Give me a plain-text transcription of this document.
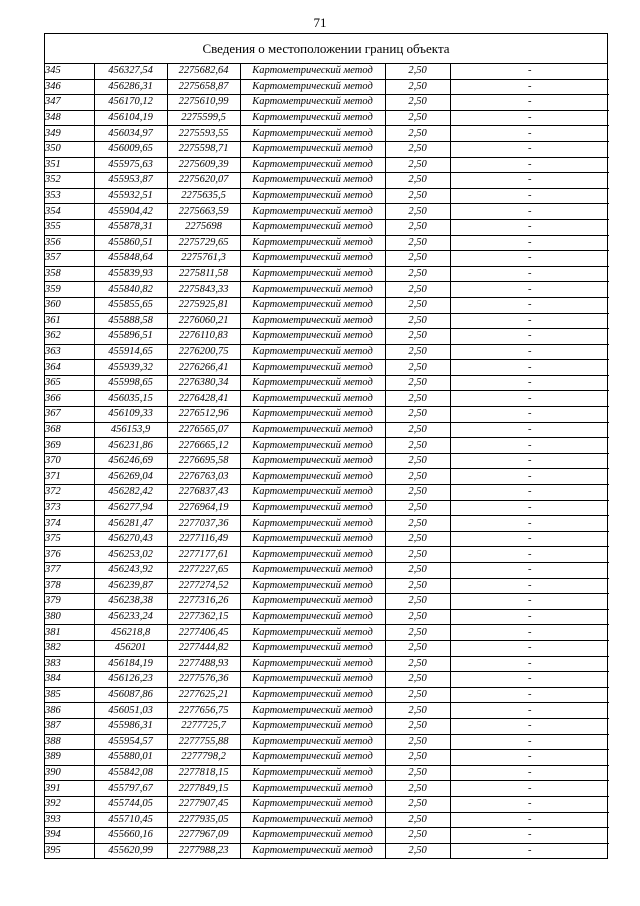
71
Сведения о местоположении границ объекта
345	456327,54	2275682,64	Картометрический метод	2,50	-
346	456286,31	2275658,87	Картометрический метод	2,50	-
347	456170,12	2275610,99	Картометрический метод	2,50	-
348	456104,19	2275599,5	Картометрический метод	2,50	-
349	456034,97	2275593,55	Картометрический метод	2,50	-
350	456009,65	2275598,71	Картометрический метод	2,50	-
351	455975,63	2275609,39	Картометрический метод	2,50	-
352	455953,87	2275620,07	Картометрический метод	2,50	-
353	455932,51	2275635,5	Картометрический метод	2,50	-
354	455904,42	2275663,59	Картометрический метод	2,50	-
355	455878,31	2275698	Картометрический метод	2,50	-
356	455860,51	2275729,65	Картометрический метод	2,50	-
357	455848,64	2275761,3	Картометрический метод	2,50	-
358	455839,93	2275811,58	Картометрический метод	2,50	-
359	455840,82	2275843,33	Картометрический метод	2,50	-
360	455855,65	2275925,81	Картометрический метод	2,50	-
361	455888,58	2276060,21	Картометрический метод	2,50	-
362	455896,51	2276110,83	Картометрический метод	2,50	-
363	455914,65	2276200,75	Картометрический метод	2,50	-
364	455939,32	2276266,41	Картометрический метод	2,50	-
365	455998,65	2276380,34	Картометрический метод	2,50	-
366	456035,15	2276428,41	Картометрический метод	2,50	-
367	456109,33	2276512,96	Картометрический метод	2,50	-
368	456153,9	2276565,07	Картометрический метод	2,50	-
369	456231,86	2276665,12	Картометрический метод	2,50	-
370	456246,69	2276695,58	Картометрический метод	2,50	-
371	456269,04	2276763,03	Картометрический метод	2,50	-
372	456282,42	2276837,43	Картометрический метод	2,50	-
373	456277,94	2276964,19	Картометрический метод	2,50	-
374	456281,47	2277037,36	Картометрический метод	2,50	-
375	456270,43	2277116,49	Картометрический метод	2,50	-
376	456253,02	2277177,61	Картометрический метод	2,50	-
377	456243,92	2277227,65	Картометрический метод	2,50	-
378	456239,87	2277274,52	Картометрический метод	2,50	-
379	456238,38	2277316,26	Картометрический метод	2,50	-
380	456233,24	2277362,15	Картометрический метод	2,50	-
381	456218,8	2277406,45	Картометрический метод	2,50	-
382	456201	2277444,82	Картометрический метод	2,50	-
383	456184,19	2277488,93	Картометрический метод	2,50	-
384	456126,23	2277576,36	Картометрический метод	2,50	-
385	456087,86	2277625,21	Картометрический метод	2,50	-
386	456051,03	2277656,75	Картометрический метод	2,50	-
387	455986,31	2277725,7	Картометрический метод	2,50	-
388	455954,57	2277755,88	Картометрический метод	2,50	-
389	455880,01	2277798,2	Картометрический метод	2,50	-
390	455842,08	2277818,15	Картометрический метод	2,50	-
391	455797,67	2277849,15	Картометрический метод	2,50	-
392	455744,05	2277907,45	Картометрический метод	2,50	-
393	455710,45	2277935,05	Картометрический метод	2,50	-
394	455660,16	2277967,09	Картометрический метод	2,50	-
395	455620,99	2277988,23	Картометрический метод	2,50	-
